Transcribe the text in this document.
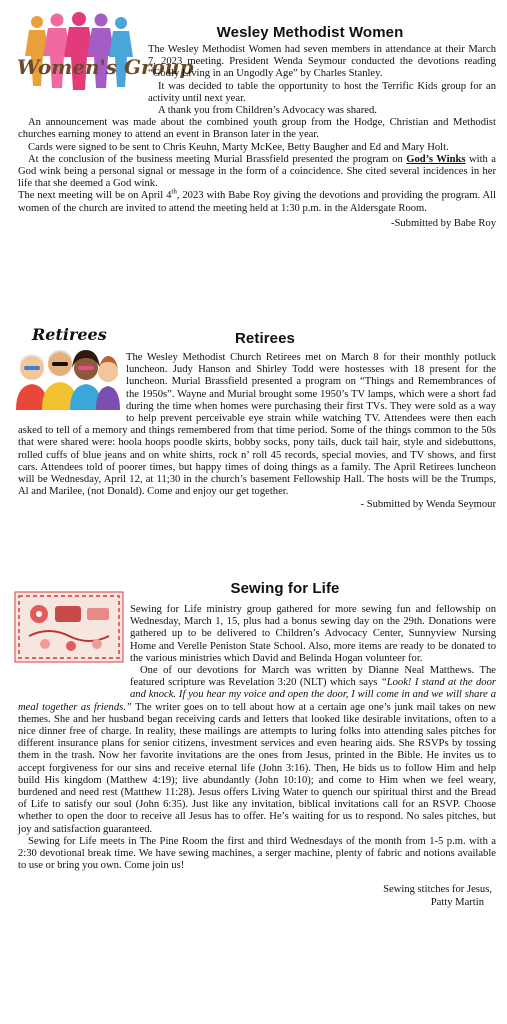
Women's Group
Wesley Methodist Women

The Wesley Methodist Women had seven members in attendance at their March 7, 2023 meeting. President Wenda Seymour conducted the devotions reading “Godly Living in an Ungodly Age” by Charles Stanley.

It was decided to table the opportunity to host the Terrific Kids group for an activity until next year.

A thank you from Children’s Advocacy was shared.

An announcement was made about the combined youth group from the Hodge, Christian and Methodist churches earning money to attend an event in Branson later in the year.

Cards were signed to be sent to Chris Keuhn, Marty McKee, Betty Baugher and Ed and Mary Holt.

At the conclusion of the business meeting Murial Brassfield presented the program on God’s Winks with a God wink being a personal signal or message in the form of a coincidence. She cited several incidences in her life that she deemed a God wink.

The next meeting will be on April 4th, 2023 with Babe Roy giving the devotions and providing the program. All women of the church are invited to attend the meeting held at 1:30 p.m. in the Aldersgate Room.

-Submitted by Babe Roy

Retirees	Retirees

The Wesley Methodist Church Retirees met on March 8 for their monthly potluck luncheon. Judy Hanson and Shirley Todd were hostesses with 18 present for the luncheon. Murial Brassfield presented a program on “Things and Remembrances of the 1950s”. Wayne and Murial brought some 1950’s TV lamps, which were a short fad during the time when homes were purchasing their first TVs. They were sold as a way to help prevent perceivable eye strain while watching TV. Attendees were then each asked to tell of a memory and things remembered from that time period. Some of the things common to the 50s that were shared were: hoola hoops poodle skirts, bobby socks, pony tails, duck tail hair, style and sidebuttons, rolled cuffs of blue jeans and on white shirts, rock n’ roll 45 records, special movies, and TV shows, and first cars. Attendees told of poorer times, but happy times of doing things as a family. The April Retirees luncheon will be Wednesday, April 12, at 11;30 in the church’s basement Fellowship Hall. The hosts will be the Trumps, Al and Marilee, (not Donald). Come and enjoy our get together.

- Submitted by Wenda Seymour

Sewing for Life

Sewing for Life ministry group gathered for more sewing fun and fellowship on Wednesday, March 1, 15, plus had a bonus sewing day on the 29th. Donations were gathered up to be delivered to Children’s Advocacy Center, Sunnyview Nursing Home and Verelle Peniston State School. Also, more items are ready to be donated to the various ministries which David and Belinda Hogan volunteer for.

One of our devotions for March was written by Dianne Neal Matthews. The featured scripture was Revelation 3:20 (NLT) which says “Look! I stand at the door and knock. If you hear my voice and open the door, I will come in and we will share a meal together as friends.” The writer goes on to tell about how at a certain age one’s junk mail takes on new themes. She and her husband began receiving cards and letters that looked like desirable invitations, often to a nice dinner free of charge. In reality, these mailings are attempts to luring folks into attending sales pitches for different insurance plans for senior citizens, investment services and even hearing aids. She RSVPs by tossing them in the trash. Now her favorite invitations are the ones from Jesus, printed in the Bible. He invites us to accept forgiveness for our sins and receive eternal life (John 3:16). Then, He bids us to follow Him and help build His kingdom (Matthew 4:19); live abundantly (John 10:10); and come to Him when we feel weary, burdened and need rest (Matthew 11:28). Jesus offers Living Water to quench our spiritual thirst and the Bread of Life to satisfy our soul (John 6:35). Just like any invitation, biblical invitations call for an RSVP. Choose whether to open the door to receive all Jesus has to offer. He’s waiting for us to respond. No sales pitches, but joy and satisfaction guaranteed.

Sewing for Life meets in The Pine Room the first and third Wednesdays of the month from 1-5 p.m. with a 2:30 devotional break time. We have sewing machines, a serger machine, plenty of fabric and notions available to use or bring you own. Come join us!

Sewing stitches for Jesus,

Patty Martin
